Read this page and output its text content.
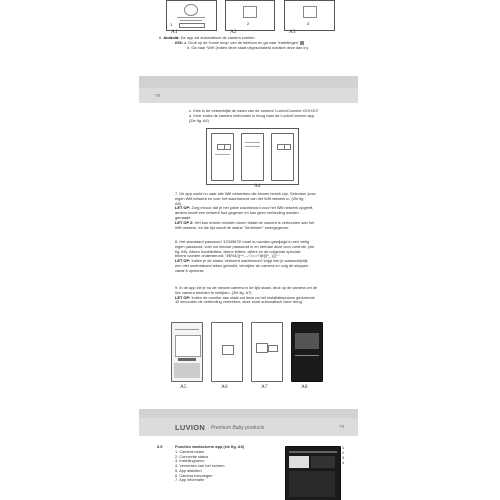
1	2	3
A1	A2	A3
6. Android: De app zal automatisch de camera zoeken.
iOS: a. Druk op de 'home knop' van de telefoon en ga naar 'instellingen'
b. Ga naar 'Wifi' (indien deze staat uitgeschakeld schakel deze dan in).
78
c. Kies in de netwerklijst de naam van de camera 'LuvionConnect XXXXXX'
d. Keer zodra de camera verbonden is terug naar de LuvionConnect app.
(Zie fig. A4)
A4
7. De app zoekt nu naar alle Wifi netwerken die binnen bereik zijn. Selecteer jouw
eigen Wifi netwerk en voer het wachtwoord van het Wifi netwerk in. (Zie fig.
A5).
LET OP: Zorg ervoor dat je het juiste wachtwoord voor het Wifi netwerk opgeeft,
anders wordt een netwerk fout gegeven en kan geen verbinding worden
gemaakt.
LET OP 2: Het kan enkele minuten duren totdat de camera is verbonden aan het
Wifi netwerk, tot die tijd wordt de status "Verbinden" weergegeven.
8. Het standaard password '12345678' moet nu worden gewijzigd in een veilig
eigen password, voer uw nieuwe password in en herhaal deze voor controle. (zie
fig. A6). Alleen hoofdletters, kleine letters, cijfers en de volgende speciale
tekens worden ondersteund: "#$%&'()*+,-./:;<=>?@[\]^_`{|}~"
LET OP: Indien je de status 'verkeerd wachtwoord' krijgt heb je waarschijnlijk
een niet ondersteund teken gebruikt, verwijder de camera en volg de stappen
vanaf 6 opnieuw.
9. In de app zie je nu de nieuwe camera in de lijst staan, druk op de camera om de
live camera beelden te bekijken. (Zie fig. A7)
LET OP: Indien de monitor aan staat zal deze na het installatieproces gedurende
10 seconden de verbinding verbreken, deze komt automatisch weer terug.
A5	A6	A7	A8
LUVION Premium Baby products	79
6.5	Functies startscherm app (zie fig. A9)
1. Camera naam
2. Connectie status
3. Instellingmenu
4. Verversen van het scherm
5. App afsluiten
6. Camera toevoegen
7. App informatie
1
2
3
4
